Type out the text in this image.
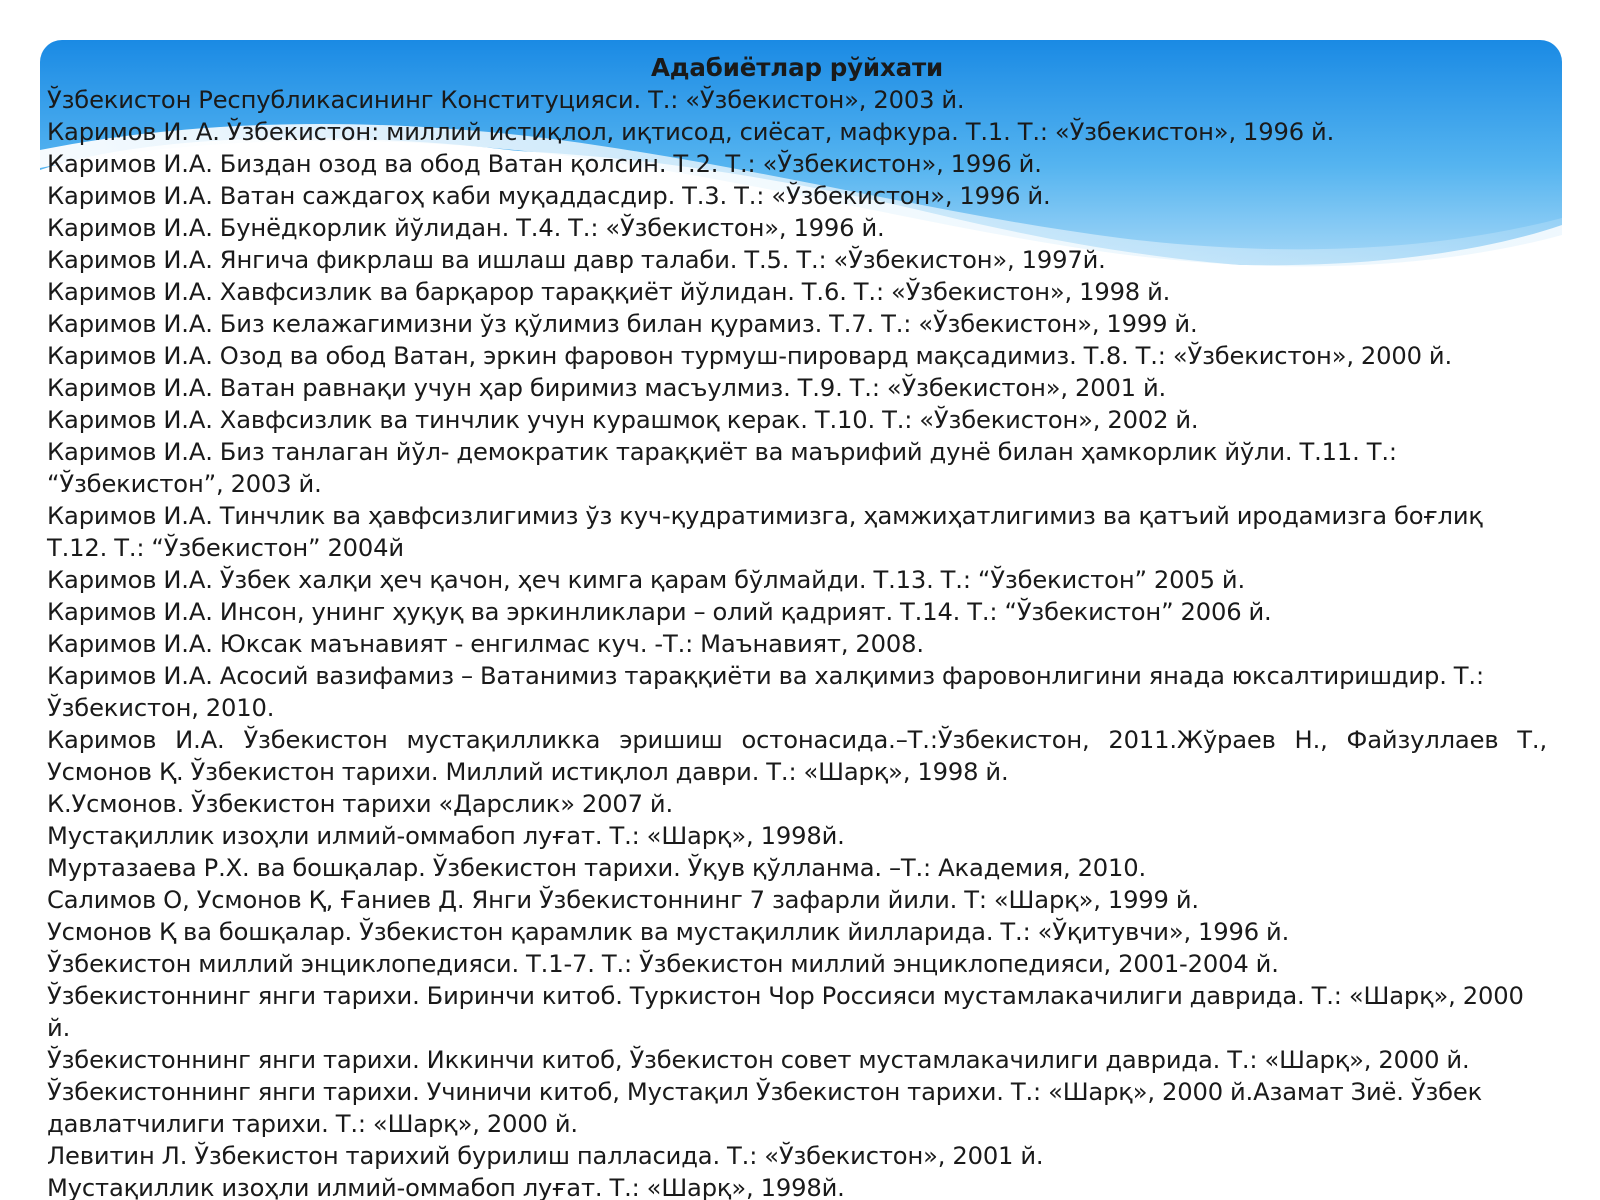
Адабиётлар рўйхати
Ўзбекистон Республикасининг Конституцияси. Т.: «Ўзбекистон», 2003 й.
Каримов И. А. Ўзбекистон: миллий истиқлол, иқтисод, сиёсат, мафкура. Т.1. Т.: «Ўзбекистон», 1996 й.
Каримов И.А. Биздан озод ва обод Ватан қолсин. Т.2. Т.: «Ўзбекистон», 1996 й.
Каримов И.А. Ватан саждагоҳ каби муқаддасдир. Т.3. Т.: «Ўзбекистон», 1996 й.
Каримов И.А. Бунёдкорлик йўлидан. Т.4. Т.: «Ўзбекистон», 1996 й.
Каримов И.А. Янгича фикрлаш ва ишлаш давр талаби. Т.5. Т.: «Ўзбекистон», 1997й.
Каримов И.А. Хавфсизлик ва барқарор тараққиёт йўлидан. Т.6. Т.: «Ўзбекистон», 1998 й.
Каримов И.А. Биз келажагимизни ўз қўлимиз билан қурамиз. Т.7. Т.: «Ўзбекистон», 1999 й.
Каримов И.А. Озод ва обод Ватан, эркин фаровон турмуш-пировард мақсадимиз. Т.8. Т.: «Ўзбекистон», 2000 й.
Каримов И.А. Ватан равнақи учун ҳар биримиз масъулмиз. Т.9. Т.: «Ўзбекистон», 2001 й.
Каримов И.А. Хавфсизлик ва тинчлик учун курашмоқ керак. Т.10. Т.: «Ўзбекистон», 2002 й.
Каримов И.А. Биз танлаган йўл- демократик тараққиёт ва маърифий дунё билан ҳамкорлик йўли. Т.11. Т.: “Ўзбекистон”, 2003 й.
Каримов И.А. Тинчлик ва ҳавфсизлигимиз ўз куч-қудратимизга, ҳамжиҳатлигимиз ва қатъий иродамизга боғлиқ Т.12. Т.: “Ўзбекистон” 2004й
Каримов И.А. Ўзбек халқи ҳеч қачон, ҳеч кимга қарам бўлмайди. Т.13. Т.: “Ўзбекистон” 2005 й.
Каримов И.А. Инсон, унинг ҳуқуқ ва эркинликлари – олий қадрият. Т.14. Т.: “Ўзбекистон” 2006 й.
Каримов И.А. Юксак маънавият - енгилмас куч. -Т.: Маънавият, 2008.
Каримов И.А. Асосий вазифамиз – Ватанимиз тараққиёти ва халқимиз фаровонлигини янада юксалтиришдир. Т.: Ўзбекистон, 2010.
Каримов И.А. Ўзбекистон мустақилликка эришиш остонасида.–Т.:Ўзбекистон, 2011.Жўраев Н., Файзуллаев Т., Усмонов Қ. Ўзбекистон тарихи. Миллий истиқлол даври. Т.: «Шарқ», 1998 й.
К.Усмонов. Ўзбекистон тарихи «Дарслик» 2007 й.
Мустақиллик изоҳли илмий-оммабоп луғат. Т.: «Шарқ», 1998й.
Муртазаева Р.Х. ва бошқалар. Ўзбекистон тарихи. Ўқув қўлланма. –Т.: Академия, 2010.
Салимов О, Усмонов Қ, Ғаниев Д. Янги Ўзбекистоннинг 7 зафарли йили. Т: «Шарқ», 1999 й.
Усмонов Қ ва бошқалар. Ўзбекистон қарамлик ва мустақиллик йилларида. Т.: «Ўқитувчи», 1996 й.
Ўзбекистон миллий энциклопедияси. Т.1-7. Т.: Ўзбекистон миллий энциклопедияси, 2001-2004 й.
Ўзбекистоннинг янги тарихи. Биринчи китоб. Туркистон Чор Россияси мустамлакачилиги даврида. Т.: «Шарқ», 2000 й.
Ўзбекистоннинг янги тарихи. Иккинчи китоб, Ўзбекистон совет мустамлакачилиги даврида. Т.: «Шарқ», 2000 й.
Ўзбекистоннинг янги тарихи. Учиничи китоб, Мустақил Ўзбекистон тарихи. Т.: «Шарқ», 2000 й.Азамат Зиё. Ўзбек давлатчилиги тарихи. Т.: «Шарқ», 2000 й.
Левитин Л. Ўзбекистон тарихий бурилиш палласида. Т.: «Ўзбекистон», 2001 й.
Мустақиллик изоҳли илмий-оммабоп луғат. Т.: «Шарқ», 1998й.
